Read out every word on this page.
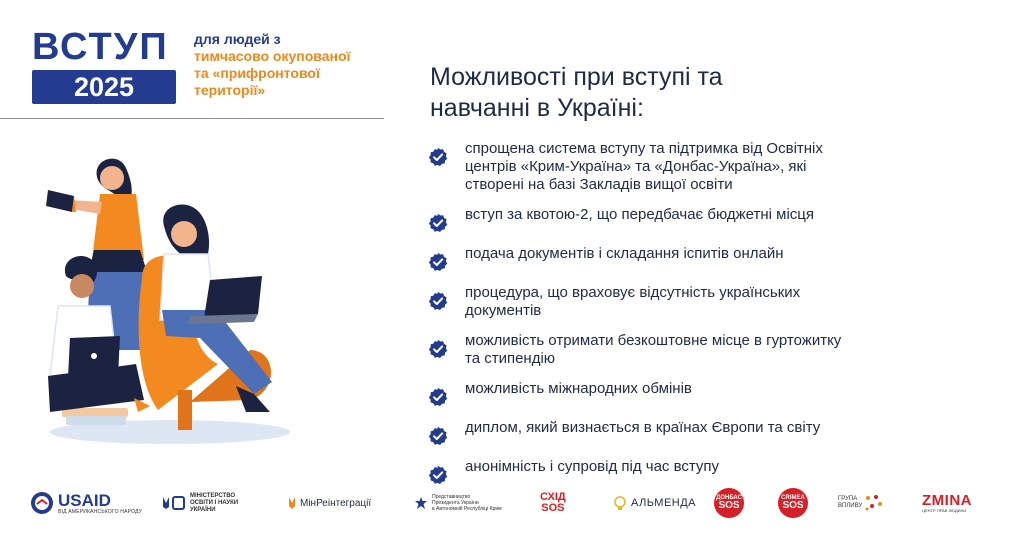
ВСТУП
2025
для людей з
тимчасово окупованої
та «прифронтової
території»	Можливості при вступі та
навчанні в Україні:
спрощена система вступу та підтримка від Освітніх
центрів «Крим-Україна» та «Донбас-Україна», які
створені на базі Закладів вищої освіти
вступ за квотою-2, що передбачає бюджетні місця
подача документів і складання іспитів онлайн
процедура, що враховує відсутність українських
документів
можливість отримати безкоштовне місце в гуртожитку
та стипендію
можливість міжнародних обмінів
диплом, який визнається в країнах Європи та світу
анонімність і супровід під час вступу
USAID
ВІД АМЕРИКАНСЬКОГО НАРОДУ
МІНІСТЕРСТВО
ОСВІТИ І НАУКИ
УКРАЇНИ
МінРеінтеграції
Представництво
Президента України
в Автономній Республіці Крим
СХІД
SOS	АЛЬМЕНДА	ДОНБАС
SOS
CRIMEA
SOS
ГРУПА
ВПЛИВУ	ZMINA
ЦЕНТР ПРАВ ЛЮДИНИ
